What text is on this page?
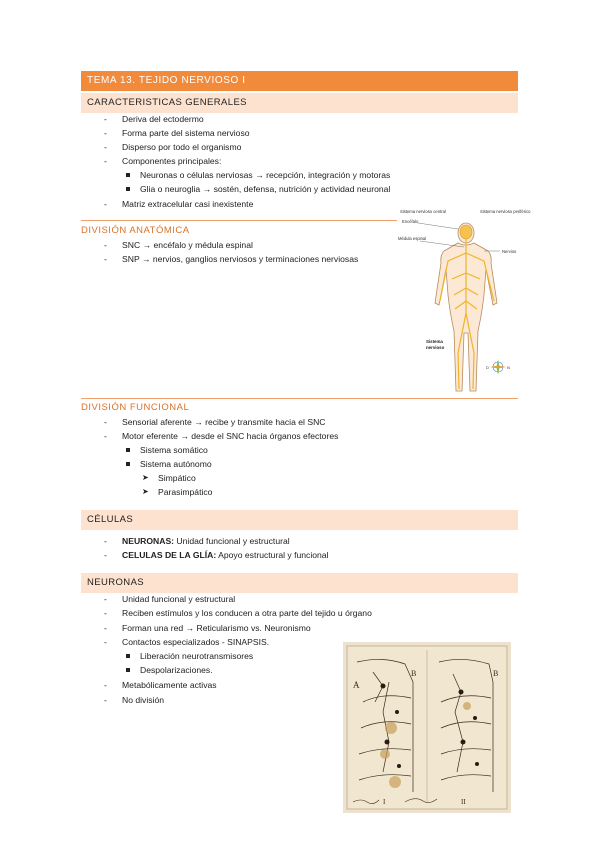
TEMA 13. TEJIDO NERVIOSO I
CARACTERISTICAS GENERALES
- Deriva del ectodermo
- Forma parte del sistema nervioso
- Disperso por todo el organismo
- Componentes principales:
Neuronas o células nerviosas → recepción, integración y motoras
Glia o neuroglia → sostén, defensa, nutrición y actividad neuronal
- Matriz extracelular casi inexistente
DIVISIÓN ANATÓMICA
- SNC → encéfalo y médula espinal
- SNP → nervios, ganglios nerviosos y terminaciones nerviosas
Sistema nervioso central	Sistema nervioso periférico
Encéfalo
Médula espinal
Nervios
Sistema
nervioso
D	N
DIVISIÓN FUNCIONAL
- Sensorial aferente → recibe y transmite hacia el SNC
- Motor eferente → desde el SNC hacia órganos efectores
Sistema somático
Sistema autónomo
➤ Simpático
➤ Parasimpático
CÉLULAS
- NEURONAS: Unidad funcional y estructural
- CELULAS DE LA GLÍA: Apoyo estructural y funcional
NEURONAS
- Unidad funcional y estructural
- Reciben estímulos y los conducen a otra parte del tejido u órgano
- Forman una red → Reticularismo vs. Neuronismo
- Contactos especializados - SINAPSIS.
Liberación neurotransmisores
Despolarizaciones.
- Metabólicamente activas
- No división
A
B	B
I	II
